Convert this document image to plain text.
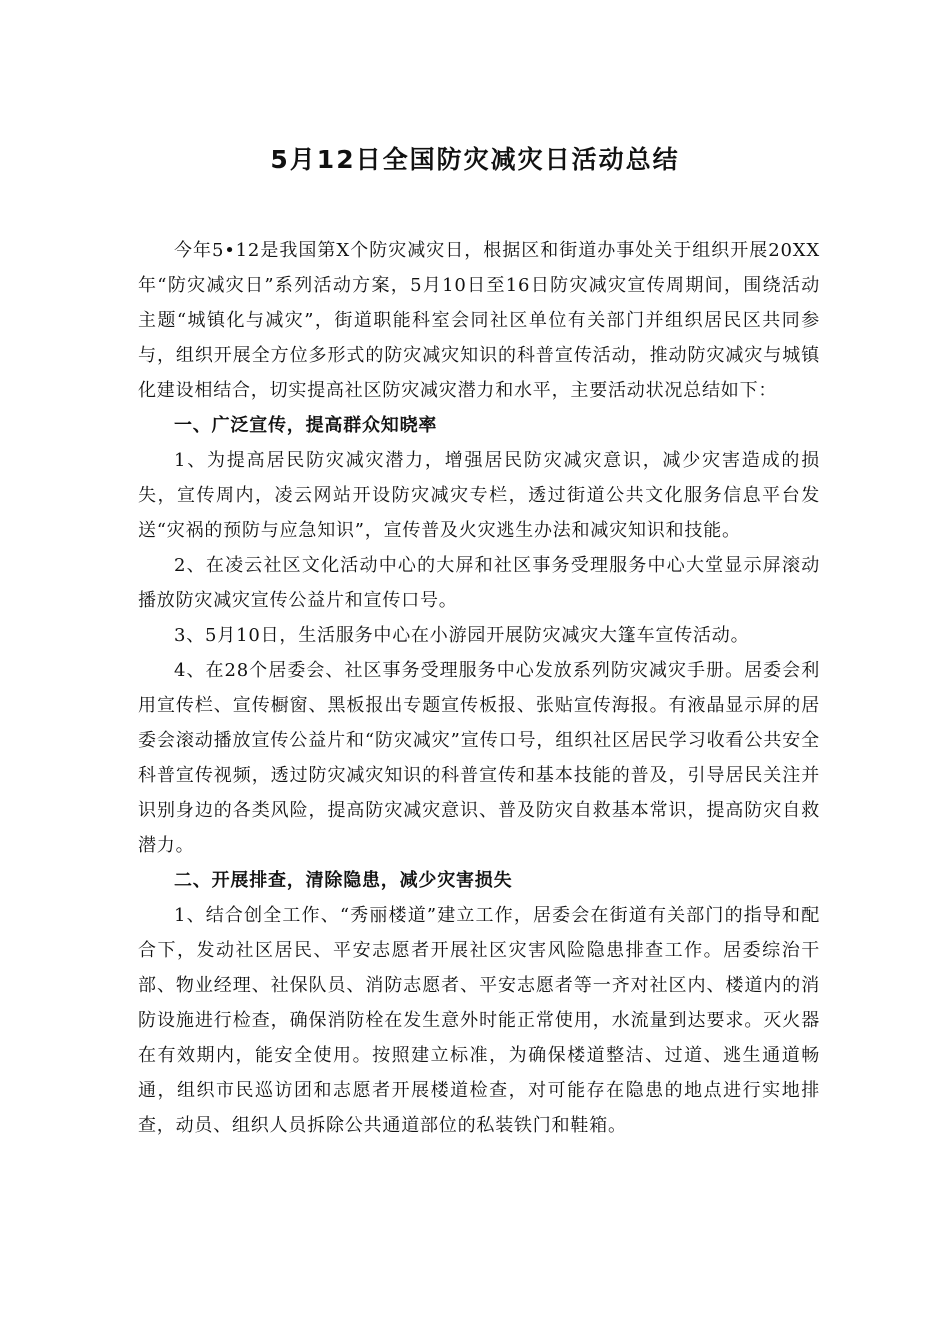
5月12日全国防灾减灾日活动总结

今年5•12是我国第X个防灾减灾日，根据区和街道办事处关于组织开展20XX年“防灾减灾日”系列活动方案，5月10日至16日防灾减灾宣传周期间，围绕活动主题“城镇化与减灾”，街道职能科室会同社区单位有关部门并组织居民区共同参与，组织开展全方位多形式的防灾减灾知识的科普宣传活动，推动防灾减灾与城镇化建设相结合，切实提高社区防灾减灾潜力和水平，主要活动状况总结如下：

一、广泛宣传，提高群众知晓率

1、为提高居民防灾减灾潜力，增强居民防灾减灾意识，减少灾害造成的损失，宣传周内，凌云网站开设防灾减灾专栏，透过街道公共文化服务信息平台发送“灾祸的预防与应急知识”，宣传普及火灾逃生办法和减灾知识和技能。

2、在凌云社区文化活动中心的大屏和社区事务受理服务中心大堂显示屏滚动播放防灾减灾宣传公益片和宣传口号。

3、5月10日，生活服务中心在小游园开展防灾减灾大篷车宣传活动。

4、在28个居委会、社区事务受理服务中心发放系列防灾减灾手册。居委会利用宣传栏、宣传橱窗、黑板报出专题宣传板报、张贴宣传海报。有液晶显示屏的居委会滚动播放宣传公益片和“防灾减灾”宣传口号，组织社区居民学习收看公共安全科普宣传视频，透过防灾减灾知识的科普宣传和基本技能的普及，引导居民关注并识别身边的各类风险，提高防灾减灾意识、普及防灾自救基本常识，提高防灾自救潜力。

二、开展排查，清除隐患，减少灾害损失

1、结合创全工作、“秀丽楼道”建立工作，居委会在街道有关部门的指导和配合下，发动社区居民、平安志愿者开展社区灾害风险隐患排查工作。居委综治干部、物业经理、社保队员、消防志愿者、平安志愿者等一齐对社区内、楼道内的消防设施进行检查，确保消防栓在发生意外时能正常使用，水流量到达要求。灭火器在有效期内，能安全使用。按照建立标准，为确保楼道整洁、过道、逃生通道畅通，组织市民巡访团和志愿者开展楼道检查，对可能存在隐患的地点进行实地排查，动员、组织人员拆除公共通道部位的私装铁门和鞋箱。
